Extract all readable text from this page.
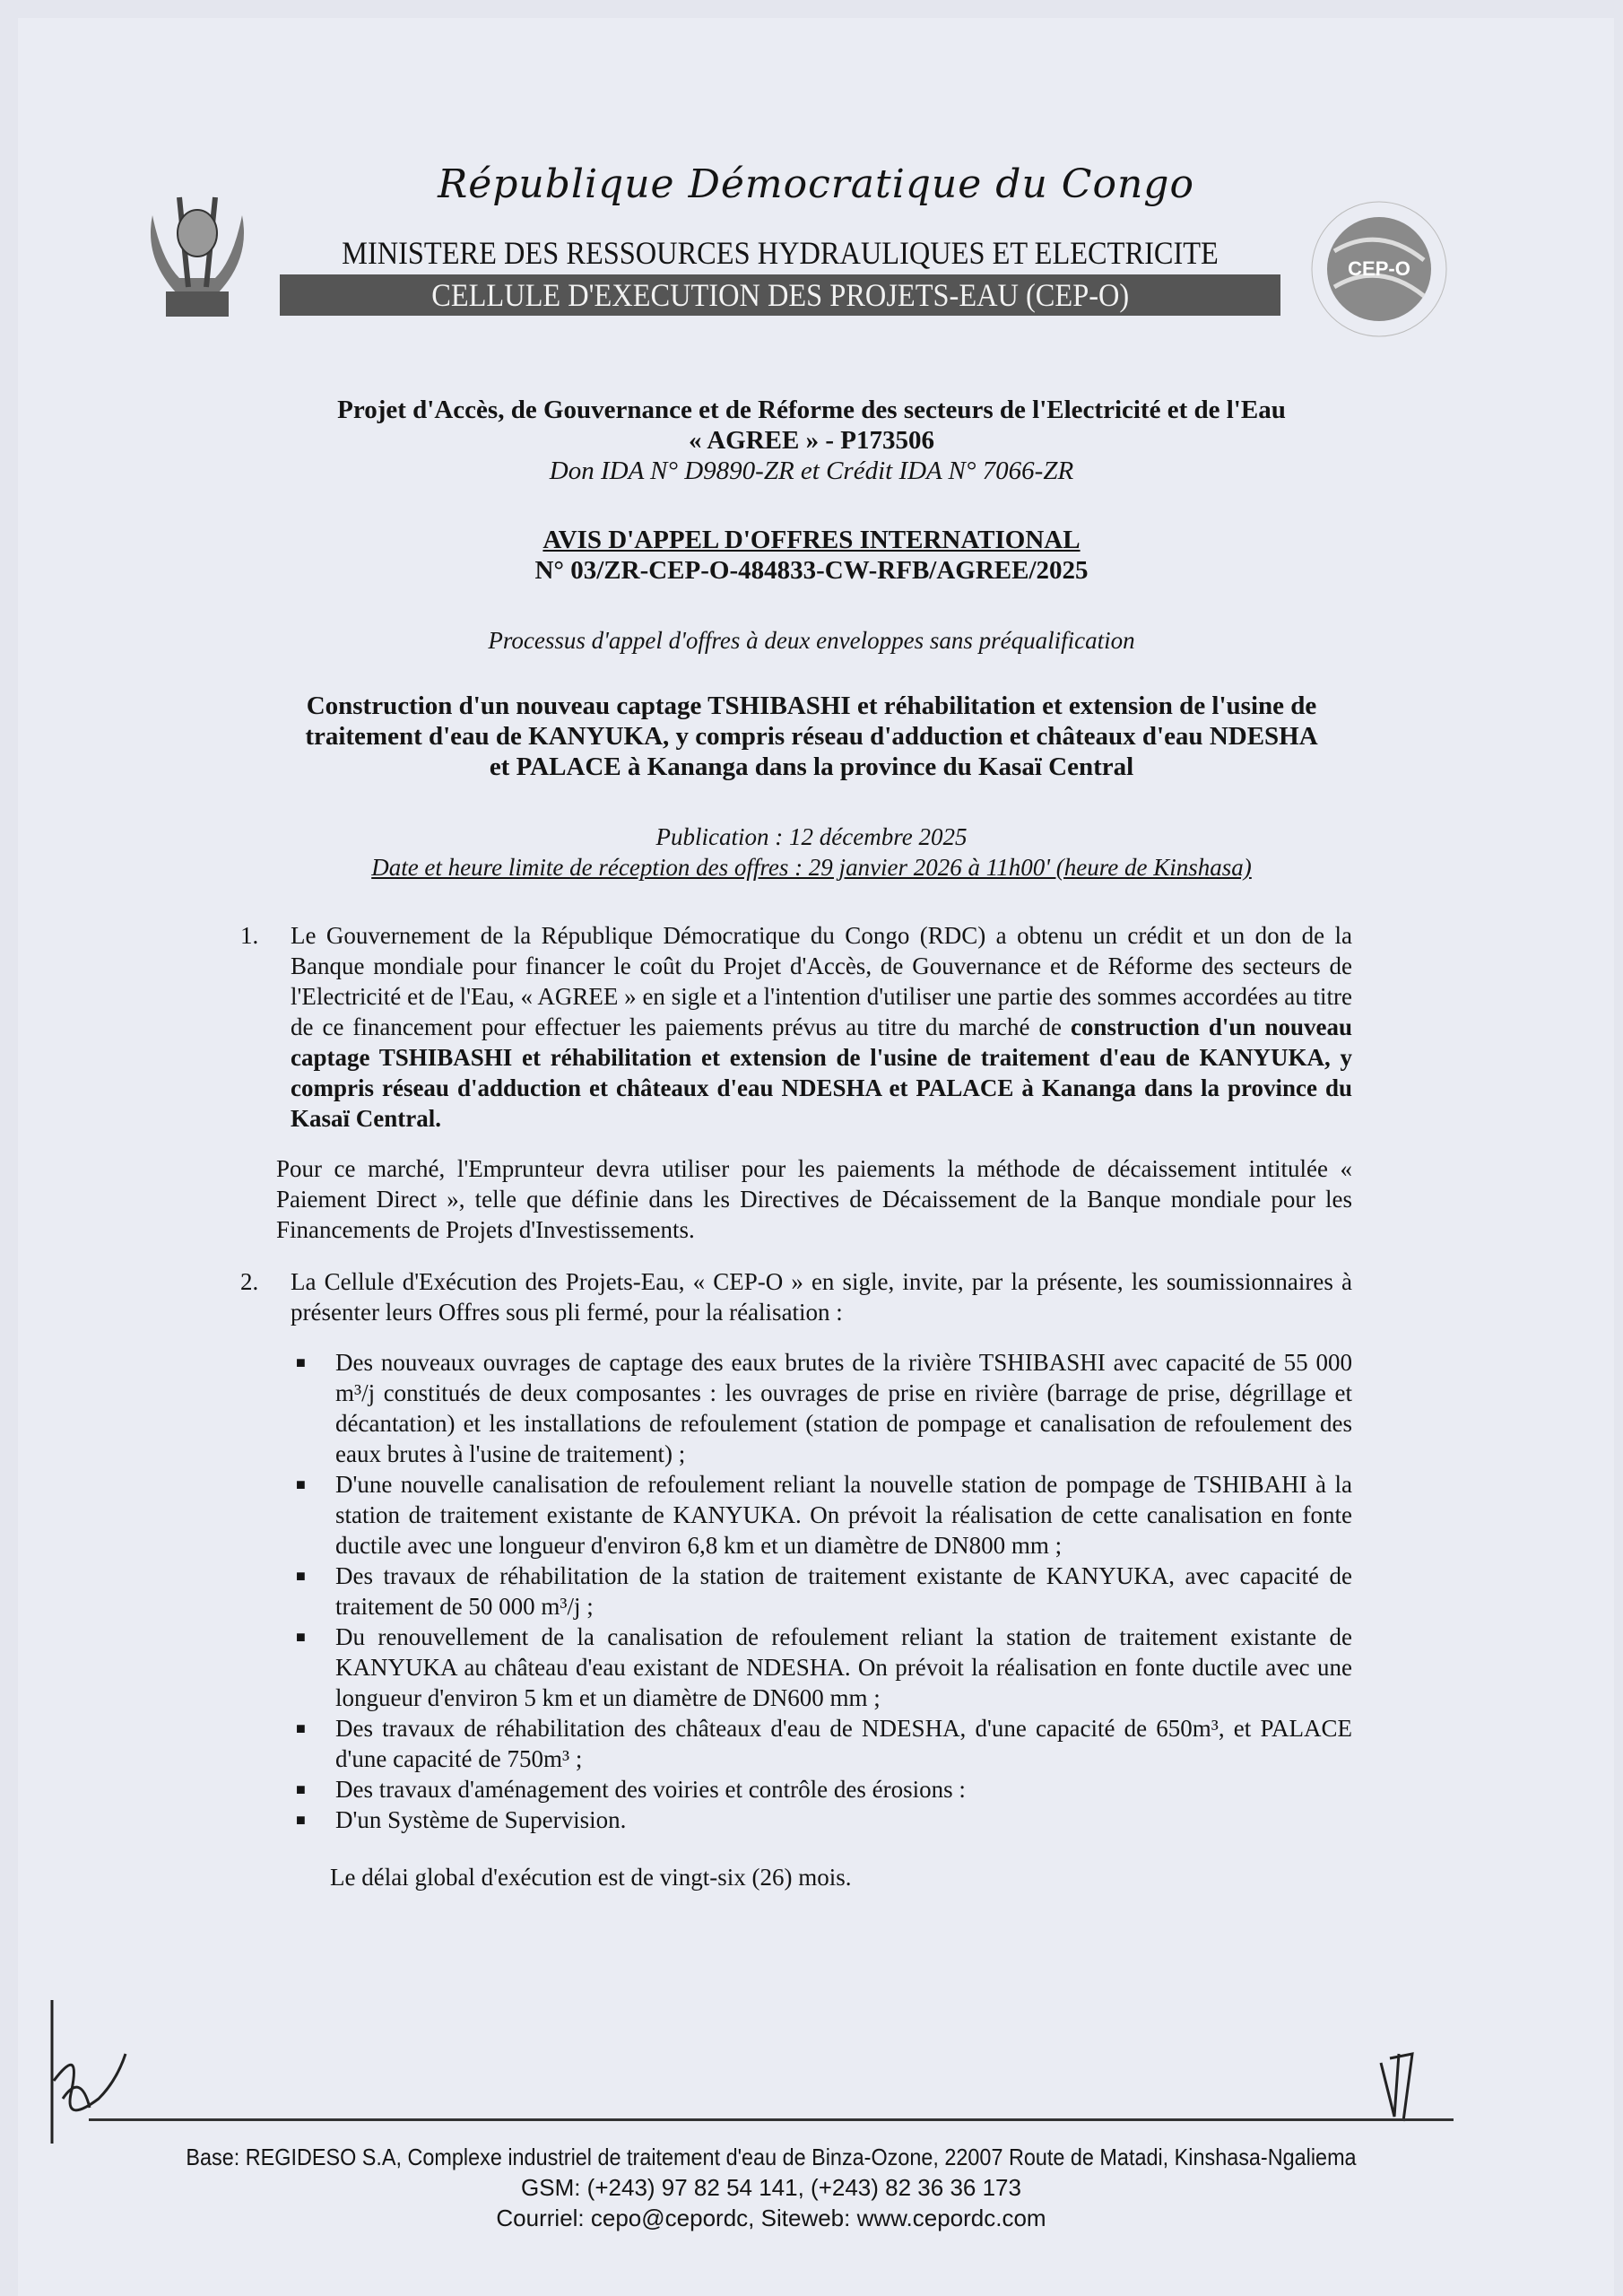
République Démocratique du Congo
MINISTERE DES RESSOURCES HYDRAULIQUES ET ELECTRICITE
CELLULE D'EXECUTION DES PROJETS-EAU (CEP-O)
CEP-O
Projet d'Accès, de Gouvernance et de Réforme des secteurs de l'Electricité et de l'Eau
« AGREE » - P173506
Don IDA N° D9890-ZR et Crédit IDA N° 7066-ZR
AVIS D'APPEL D'OFFRES INTERNATIONAL
N° 03/ZR-CEP-O-484833-CW-RFB/AGREE/2025
Processus d'appel d'offres à deux enveloppes sans préqualification
Construction d'un nouveau captage TSHIBASHI et réhabilitation et extension de l'usine de
traitement d'eau de KANYUKA, y compris réseau d'adduction et châteaux d'eau NDESHA
et PALACE à Kananga dans la province du Kasaï Central
Publication : 12 décembre 2025
Date et heure limite de réception des offres : 29 janvier 2026 à 11h00' (heure de Kinshasa)
1.	Le Gouvernement de la République Démocratique du Congo (RDC) a obtenu un crédit et un don de la Banque mondiale pour financer le coût du Projet d'Accès, de Gouvernance et de Réforme des secteurs de l'Electricité et de l'Eau, « AGREE » en sigle et a l'intention d'utiliser une partie des sommes accordées au titre de ce financement pour effectuer les paiements prévus au titre du marché de construction d'un nouveau captage TSHIBASHI et réhabilitation et extension de l'usine de traitement d'eau de KANYUKA, y compris réseau d'adduction et châteaux d'eau NDESHA et PALACE à Kananga dans la province du Kasaï Central.
Pour ce marché, l'Emprunteur devra utiliser pour les paiements la méthode de décaissement intitulée « Paiement Direct », telle que définie dans les Directives de Décaissement de la Banque mondiale pour les Financements de Projets d'Investissements.
2.	La Cellule d'Exécution des Projets-Eau, « CEP-O » en sigle, invite, par la présente, les soumissionnaires à présenter leurs Offres sous pli fermé, pour la réalisation :
■	Des nouveaux ouvrages de captage des eaux brutes de la rivière TSHIBASHI avec capacité de 55 000 m³/j constitués de deux composantes : les ouvrages de prise en rivière (barrage de prise, dégrillage et décantation) et les installations de refoulement (station de pompage et canalisation de refoulement des eaux brutes à l'usine de traitement) ;
■	D'une nouvelle canalisation de refoulement reliant la nouvelle station de pompage de TSHIBAHI à la station de traitement existante de KANYUKA. On prévoit la réalisation de cette canalisation en fonte ductile avec une longueur d'environ 6,8 km et un diamètre de DN800 mm ;
■	Des travaux de réhabilitation de la station de traitement existante de KANYUKA, avec capacité de traitement de 50 000 m³/j ;
■	Du renouvellement de la canalisation de refoulement reliant la station de traitement existante de KANYUKA au château d'eau existant de NDESHA. On prévoit la réalisation en fonte ductile avec une longueur d'environ 5 km et un diamètre de DN600 mm ;
■	Des travaux de réhabilitation des châteaux d'eau de NDESHA, d'une capacité de 650m³, et PALACE d'une capacité de 750m³ ;
■	Des travaux d'aménagement des voiries et contrôle des érosions :
■	D'un Système de Supervision.
Le délai global d'exécution est de vingt-six (26) mois.
Base: REGIDESO S.A, Complexe industriel de traitement d'eau de Binza-Ozone, 22007 Route de Matadi, Kinshasa-Ngaliema
GSM: (+243) 97 82 54 141, (+243) 82 36 36 173
Courriel: cepo@cepordc, Siteweb: www.cepordc.com
